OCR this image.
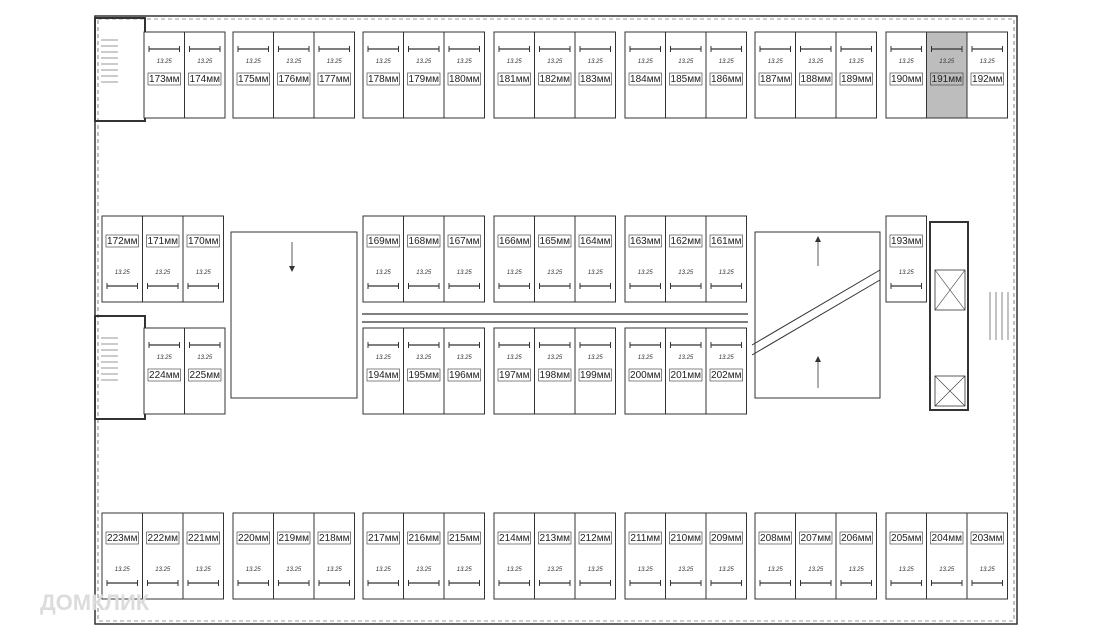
173мм
13.25
174мм
13.25
175мм
13.25
176мм
13.25
177мм
13.25
178мм
13.25
179мм
13.25
180мм
13.25
181мм
13.25
182мм
13.25
183мм
13.25
184мм
13.25
185мм
13.25
186мм
13.25
187мм
13.25
188мм
13.25
189мм
13.25
190мм
13.25
191мм
13.25
192мм
13.25
172мм
13.25
171мм
13.25
170мм
13.25
169мм
13.25
168мм
13.25
167мм
13.25
166мм
13.25
165мм
13.25
164мм
13.25
163мм
13.25
162мм
13.25
161мм
13.25
193мм
13.25
224мм
13.25
225мм
13.25
194мм
13.25
195мм
13.25
196мм
13.25
197мм
13.25
198мм
13.25
199мм
13.25
200мм
13.25
201мм
13.25
202мм
13.25
223мм
13.25
222мм
13.25
221мм
13.25
220мм
13.25
219мм
13.25
218мм
13.25
217мм
13.25
216мм
13.25
215мм
13.25
214мм
13.25
213мм
13.25
212мм
13.25
211мм
13.25
210мм
13.25
209мм
13.25
208мм
13.25
207мм
13.25
206мм
13.25
205мм
13.25
204мм
13.25
203мм
13.25
ДОМКЛИК
